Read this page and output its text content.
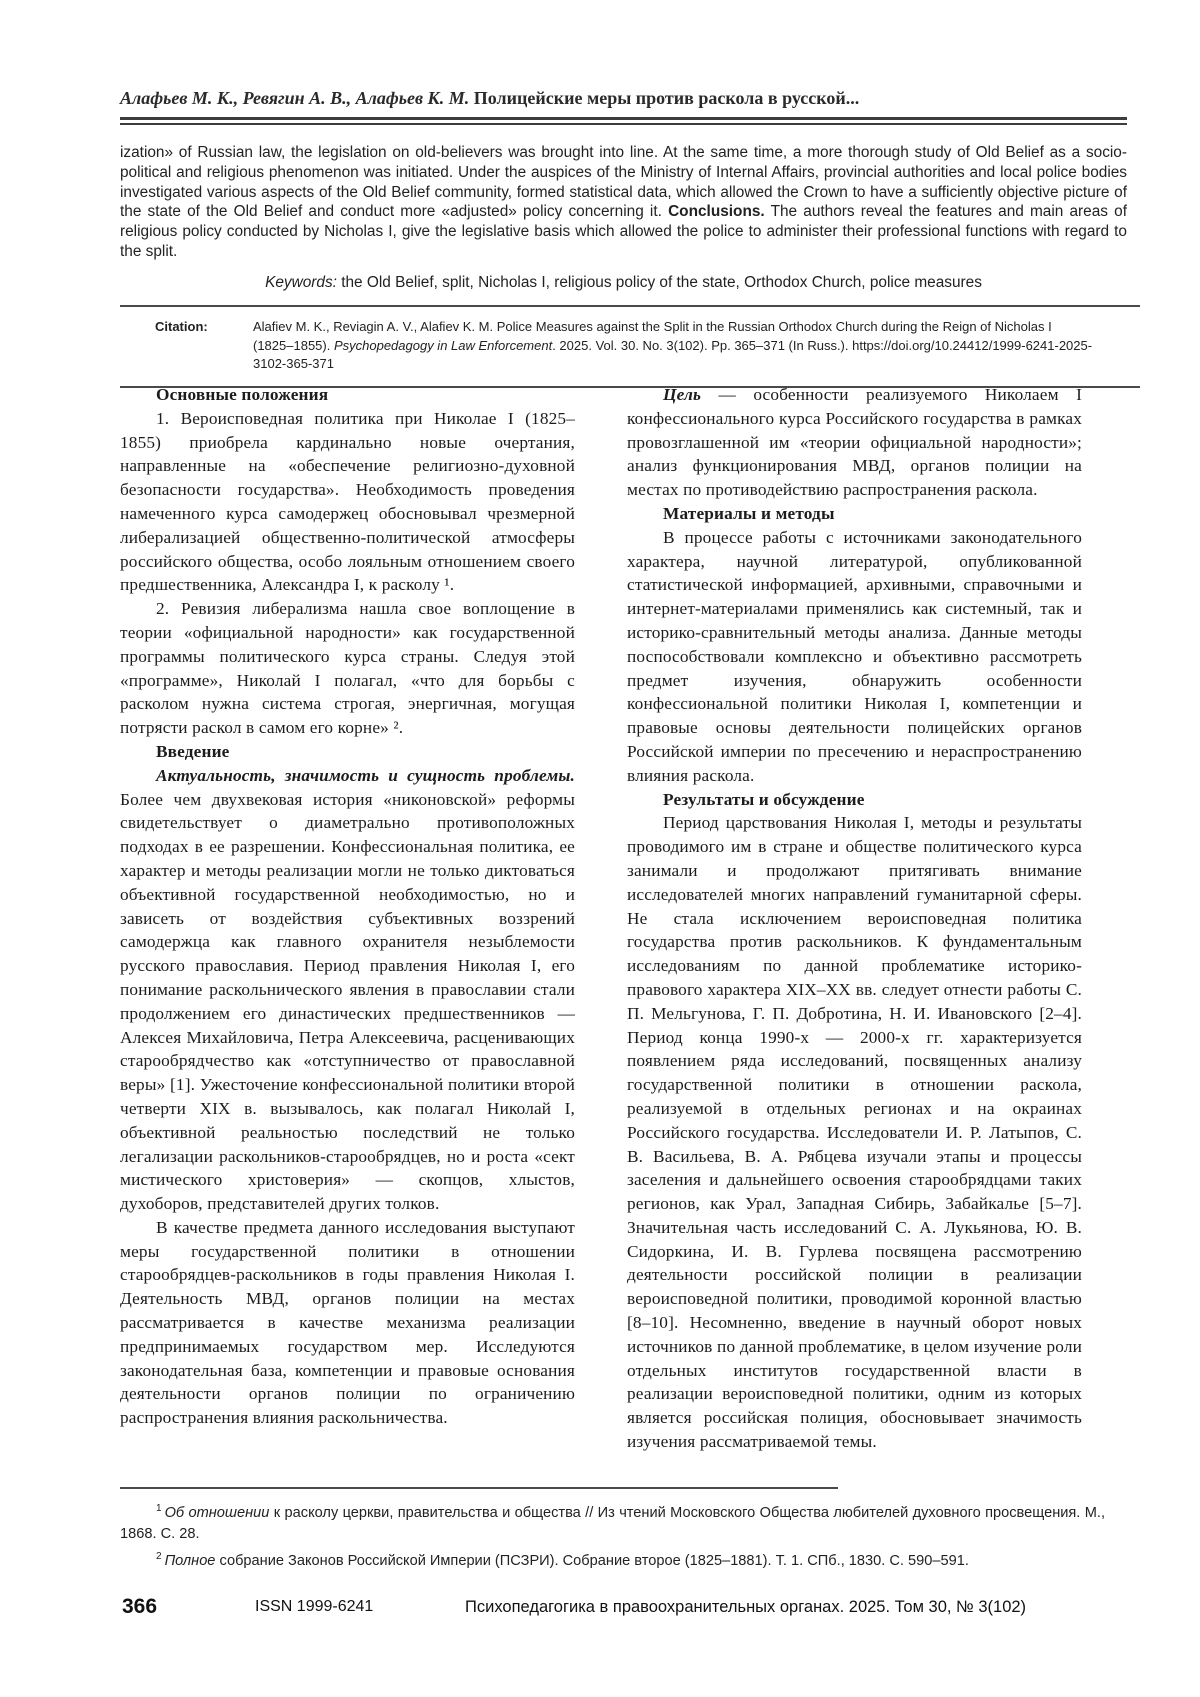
Алафьев М. К., Ревягин А. В., Алафьев К. М. Полицейские меры против раскола в русской...
ization» of Russian law, the legislation on old-believers was brought into line. At the same time, a more thorough study of Old Belief as a socio-political and religious phenomenon was initiated. Under the auspices of the Ministry of Internal Affairs, provincial authorities and local police bodies investigated various aspects of the Old Belief community, formed statistical data, which allowed the Crown to have a sufficiently objective picture of the state of the Old Belief and conduct more «adjusted» policy concerning it. Conclusions. The authors reveal the features and main areas of religious policy conducted by Nicholas I, give the legislative basis which allowed the police to administer their professional functions with regard to the split.
Keywords: the Old Belief, split, Nicholas I, religious policy of the state, Orthodox Church, police measures
Citation:	Alafiev M. K., Reviagin A. V., Alafiev K. M. Police Measures against the Split in the Russian Orthodox Church during the Reign of Nicholas I (1825–1855). Psychopedagogy in Law Enforcement. 2025. Vol. 30. No. 3(102). Pp. 365–371 (In Russ.). https://doi.org/10.24412/1999-6241-2025-3102-365-371

Основные положения

1. Вероисповедная политика при Николае I (1825–1855) приобрела кардинально новые очертания, направленные на «обеспечение религиозно-духовной безопасности государства». Необходимость проведения намеченного курса самодержец обосновывал чрезмерной либерализацией общественно-политической атмосферы российского общества, особо лояльным отношением своего предшественника, Александра I, к расколу ¹.

2. Ревизия либерализма нашла свое воплощение в теории «официальной народности» как государственной программы политического курса страны. Следуя этой «программе», Николай I полагал, «что для борьбы с расколом нужна система строгая, энергичная, могущая потрясти раскол в самом его корне» ².

Введение

Актуальность, значимость и сущность проблемы. Более чем двухвековая история «никоновской» реформы свидетельствует о диаметрально противоположных подходах в ее разрешении. Конфессиональная политика, ее характер и методы реализации могли не только диктоваться объективной государственной необходимостью, но и зависеть от воздействия субъективных воззрений самодержца как главного охранителя незыблемости русского православия. Период правления Николая I, его понимание раскольнического явления в православии стали продолжением его династических предшественников — Алексея Михайловича, Петра Алексеевича, расценивающих старообрядчество как «отступничество от православной веры» [1]. Ужесточение конфессиональной политики второй четверти XIX в. вызывалось, как полагал Николай I, объективной реальностью последствий не только легализации раскольников-старообрядцев, но и роста «сект мистического христоверия» — скопцов, хлыстов, духоборов, представителей других толков.

В качестве предмета данного исследования выступают меры государственной политики в отношении старообрядцев-раскольников в годы правления Николая I. Деятельность МВД, органов полиции на местах рассматривается в качестве механизма реализации предпринимаемых государством мер. Исследуются законодательная база, компетенции и правовые основания деятельности органов полиции по ограничению распространения влияния раскольничества.

Цель — особенности реализуемого Николаем I конфессионального курса Российского государства в рамках провозглашенной им «теории официальной народности»; анализ функционирования МВД, органов полиции на местах по противодействию распространения раскола.

Материалы и методы

В процессе работы с источниками законодательного характера, научной литературой, опубликованной статистической информацией, архивными, справочными и интернет-материалами применялись как системный, так и историко-сравнительный методы анализа. Данные методы поспособствовали комплексно и объективно рассмотреть предмет изучения, обнаружить особенности конфессиональной политики Николая I, компетенции и правовые основы деятельности полицейских органов Российской империи по пресечению и нераспространению влияния раскола.

Результаты и обсуждение

Период царствования Николая I, методы и результаты проводимого им в стране и обществе политического курса занимали и продолжают притягивать внимание исследователей многих направлений гуманитарной сферы. Не стала исключением вероисповедная политика государства против раскольников. К фундаментальным исследованиям по данной проблематике историко-правового характера XIX–XX вв. следует отнести работы С. П. Мельгунова, Г. П. Добротина, Н. И. Ивановского [2–4]. Период конца 1990-х — 2000-х гг. характеризуется появлением ряда исследований, посвященных анализу государственной политики в отношении раскола, реализуемой в отдельных регионах и на окраинах Российского государства. Исследователи И. Р. Латыпов, С. В. Васильева, В. А. Рябцева изучали этапы и процессы заселения и дальнейшего освоения старообрядцами таких регионов, как Урал, Западная Сибирь, Забайкалье [5–7]. Значительная часть исследований С. А. Лукьянова, Ю. В. Сидоркина, И. В. Гурлева посвящена рассмотрению деятельности российской полиции в реализации вероисповедной политики, проводимой коронной властью [8–10]. Несомненно, введение в научный оборот новых источников по данной проблематике, в целом изучение роли отдельных институтов государственной власти в реализации вероисповедной политики, одним из которых является российская полиция, обосновывает значимость изучения рассматриваемой темы.

$^1$ Об отношении к расколу церкви, правительства и общества // Из чтений Московского Общества любителей духовного просвещения. М., 1868. С. 28.

$^2$ Полное собрание Законов Российской Империи (ПСЗРИ). Собрание второе (1825–1881). Т. 1. СПб., 1830. С. 590–591.

366	ISSN 1999-6241	Психопедагогика в правоохранительных органах. 2025. Том 30, № 3(102)
